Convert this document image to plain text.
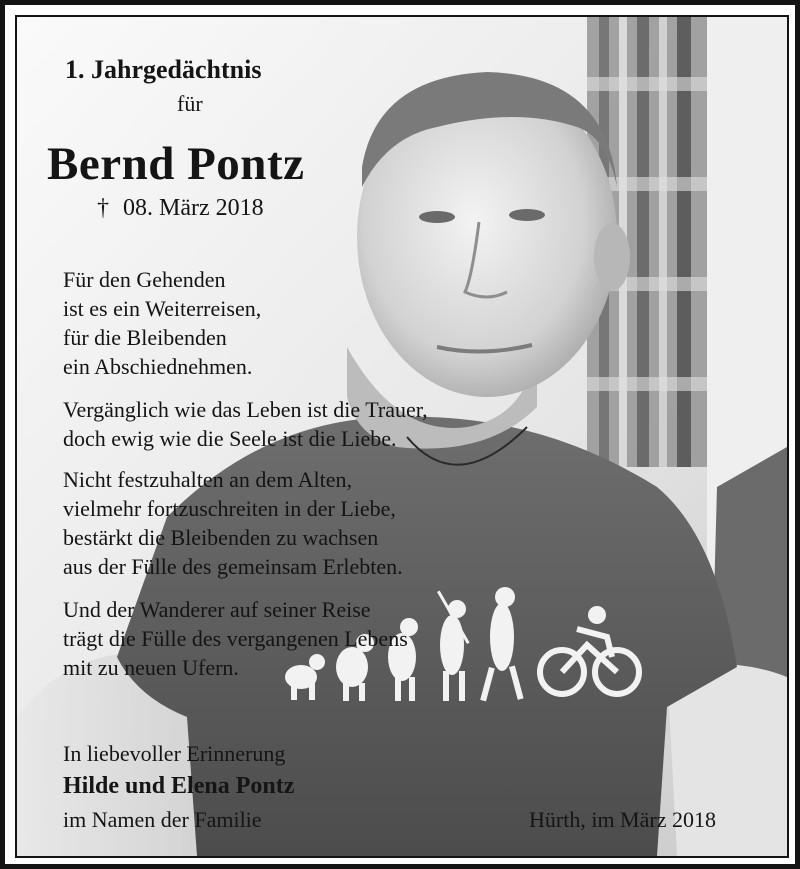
1. Jahrgedächtnis
für
Bernd Pontz
† 08. März 2018
Für den Gehenden
ist es ein Weiterreisen,
für die Bleibenden
ein Abschiednehmen.
Vergänglich wie das Leben ist die Trauer,
doch ewig wie die Seele ist die Liebe.
Nicht festzuhalten an dem Alten,
vielmehr fortzuschreiten in der Liebe,
bestärkt die Bleibenden zu wachsen
aus der Fülle des gemeinsam Erlebten.
Und der Wanderer auf seiner Reise
trägt die Fülle des vergangenen Lebens
mit zu neuen Ufern.
In liebevoller Erinnerung
Hilde und Elena Pontz
im Namen der Familie	Hürth, im März 2018
